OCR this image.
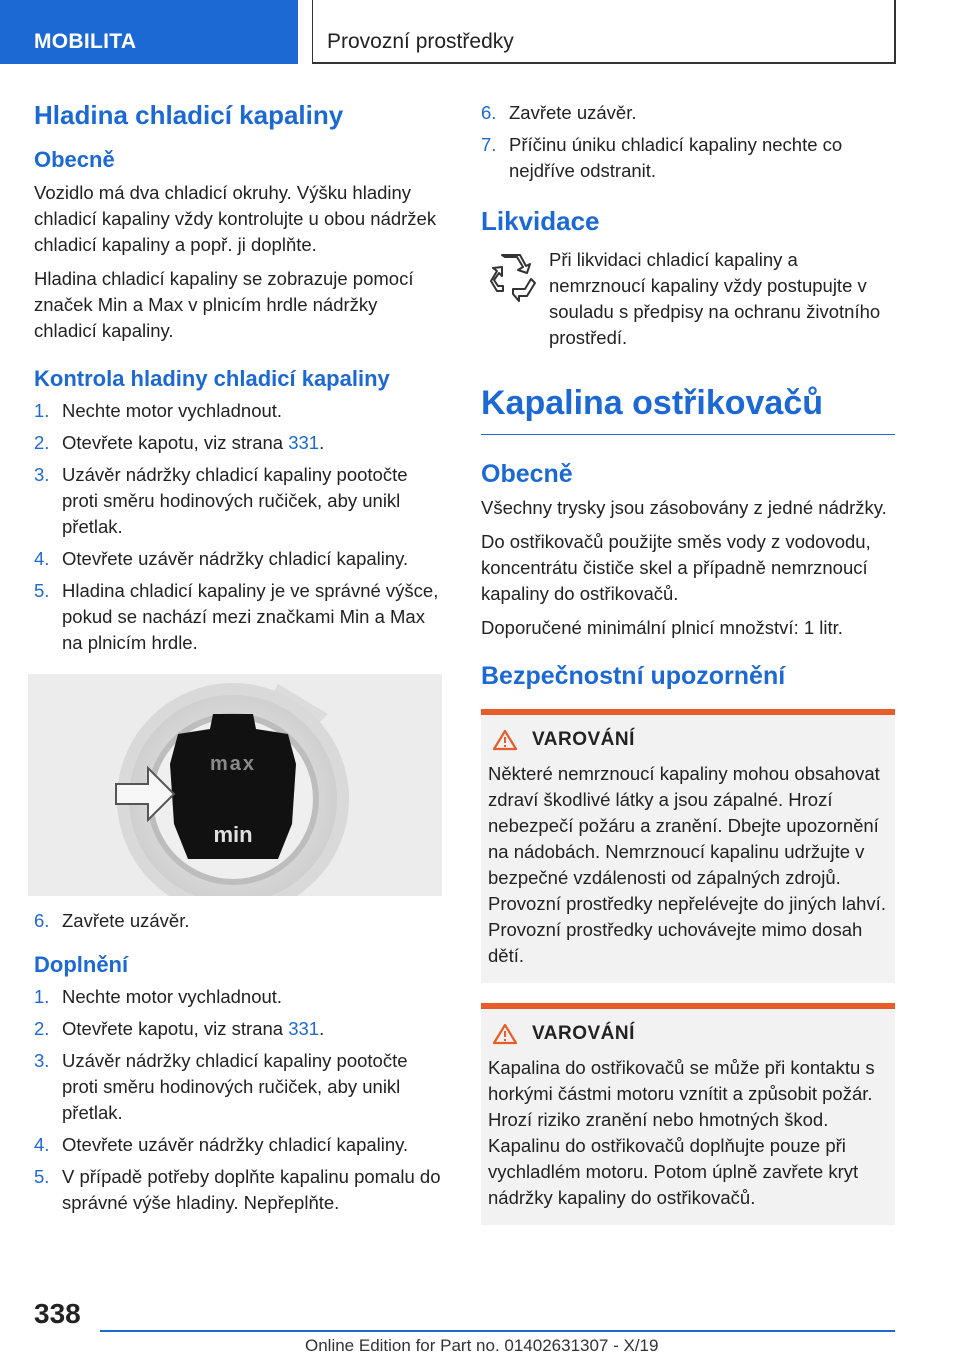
MOBILITA	Provozní prostředky
Hladina chladicí kapaliny
Obecně

Vozidlo má dva chladicí okruhy. Výšku hladiny chladicí kapaliny vždy kontrolujte u obou nádržek chladicí kapaliny a popř. ji doplňte.

Hladina chladicí kapaliny se zobrazuje pomocí značek Min a Max v plnicím hrdle nádržky chladicí kapaliny.

Kontrola hladiny chladicí kapaliny
1. Nechte motor vychladnout.
2. Otevřete kapotu, viz strana 331.
3. Uzávěr nádržky chladicí kapaliny pootočte proti směru hodinových ručiček, aby unikl přetlak.
4. Otevřete uzávěr nádržky chladicí kapaliny.
5. Hladina chladicí kapaliny je ve správné výšce, pokud se nachází mezi značkami Min a Max na plnicím hrdle.
max
min
6. Zavřete uzávěr.
Doplnění
1. Nechte motor vychladnout.
2. Otevřete kapotu, viz strana 331.
3. Uzávěr nádržky chladicí kapaliny pootočte proti směru hodinových ručiček, aby unikl přetlak.
4. Otevřete uzávěr nádržky chladicí kapaliny.
5. V případě potřeby doplňte kapalinu pomalu do správné výše hladiny. Nepřeplňte.
6. Zavřete uzávěr.
7. Příčinu úniku chladicí kapaliny nechte co nejdříve odstranit.
Likvidace

Při likvidaci chladicí kapaliny a nemrznoucí kapaliny vždy postupujte v souladu s předpisy na ochranu životního prostředí.

Kapalina ostřikovačů
Obecně

Všechny trysky jsou zásobovány z jedné nádržky.

Do ostřikovačů použijte směs vody z vodovodu, koncentrátu čističe skel a případně nemrznoucí kapaliny do ostřikovačů.

Doporučené minimální plnicí množství: 1 litr.

Bezpečnostní upozornění
VAROVÁNÍ

Některé nemrznoucí kapaliny mohou obsahovat zdraví škodlivé látky a jsou zápalné. Hrozí nebezpečí požáru a zranění. Dbejte upozornění na nádobách. Nemrznoucí kapalinu udržujte v bezpečné vzdálenosti od zápalných zdrojů. Provozní prostředky nepřelévejte do jiných lahví. Provozní prostředky uchovávejte mimo dosah dětí.

VAROVÁNÍ

Kapalina do ostřikovačů se může při kontaktu s horkými částmi motoru vznítit a způsobit požár. Hrozí riziko zranění nebo hmotných škod. Kapalinu do ostřikovačů doplňujte pouze při vychladlém motoru. Potom úplně zavřete kryt nádržky kapaliny do ostřikovačů.

338
Online Edition for Part no. 01402631307 - X/19
